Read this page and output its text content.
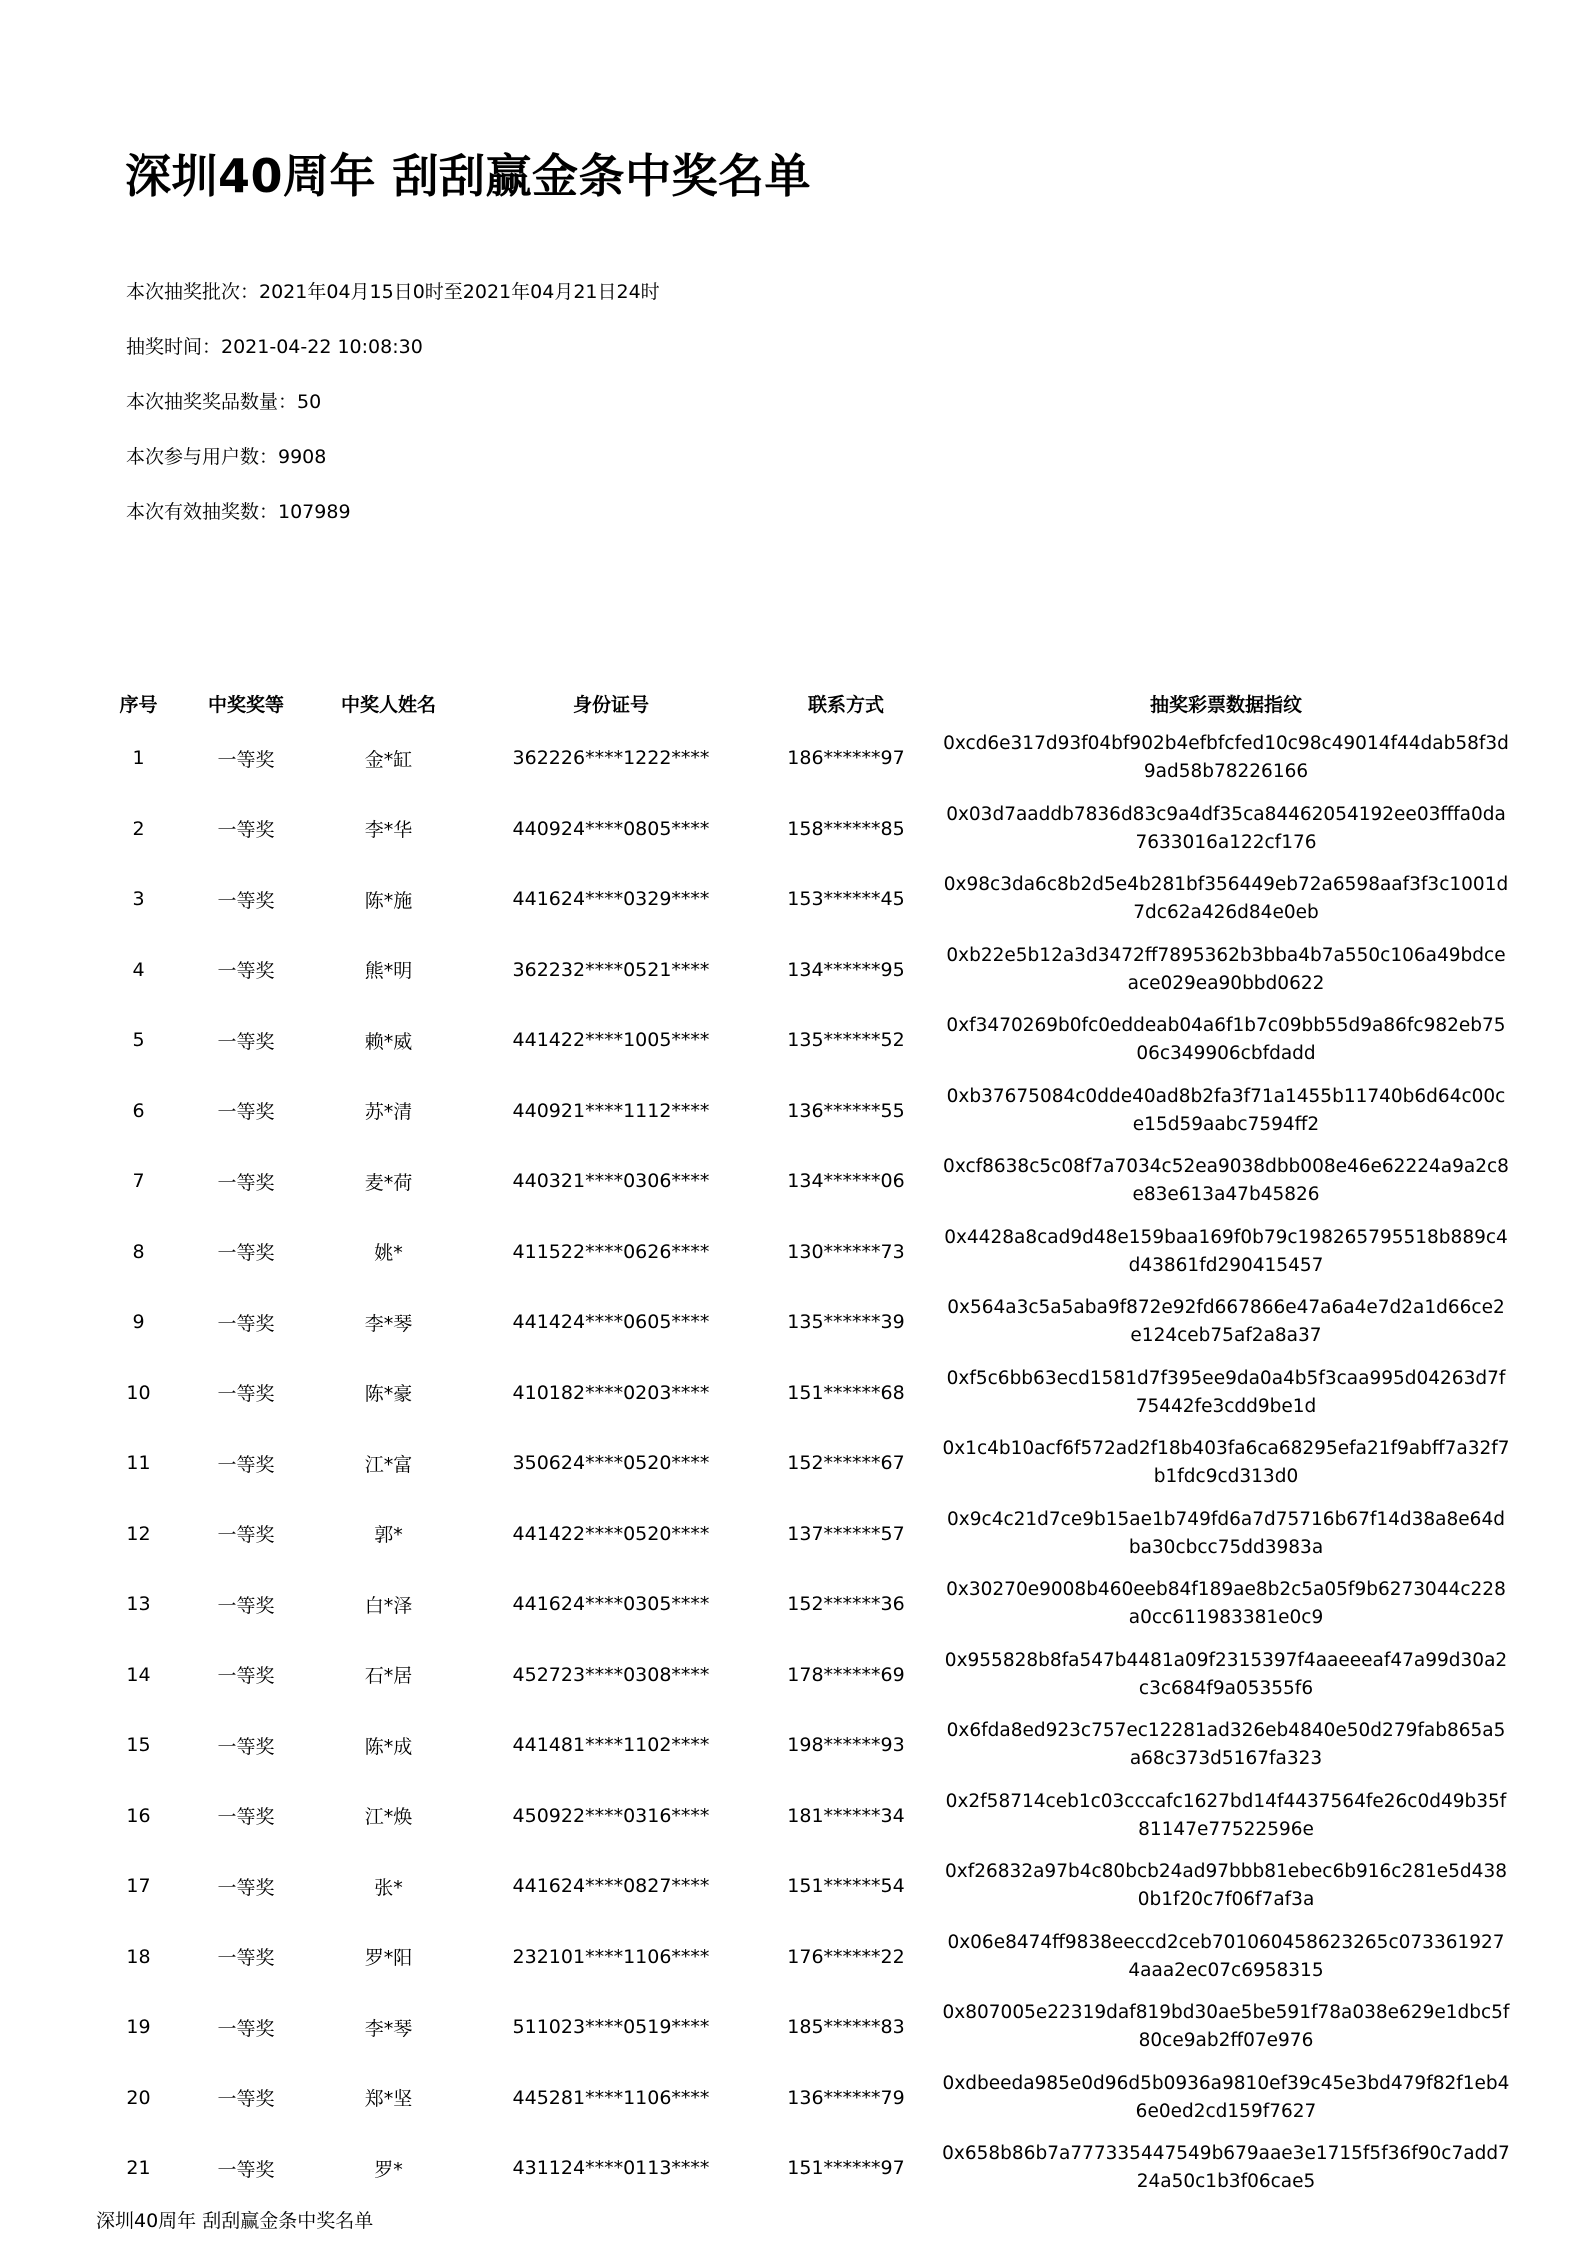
深圳40周年 刮刮赢金条中奖名单
本次抽奖批次：2021年04月15日0时至2021年04月21日24时
抽奖时间：2021-04-22 10:08:30
本次抽奖奖品数量：50
本次参与用户数：9908
本次有效抽奖数：107989
序号	中奖奖等	中奖人姓名	身份证号	联系方式	抽奖彩票数据指纹
1	一等奖	金*缸	362226****1222****	186******97	0xcd6e317d93f04bf902b4efbfcfed10c98c49014f44dab58f3d9ad58b78226166
2	一等奖	李*华	440924****0805****	158******85	0x03d7aaddb7836d83c9a4df35ca84462054192ee03fffa0da7633016a122cf176
3	一等奖	陈*施	441624****0329****	153******45	0x98c3da6c8b2d5e4b281bf356449eb72a6598aaf3f3c1001d7dc62a426d84e0eb
4	一等奖	熊*明	362232****0521****	134******95	0xb22e5b12a3d3472ff7895362b3bba4b7a550c106a49bdceace029ea90bbd0622
5	一等奖	赖*威	441422****1005****	135******52	0xf3470269b0fc0eddeab04a6f1b7c09bb55d9a86fc982eb7506c349906cbfdadd
6	一等奖	苏*清	440921****1112****	136******55	0xb37675084c0dde40ad8b2fa3f71a1455b11740b6d64c00ce15d59aabc7594ff2
7	一等奖	麦*荷	440321****0306****	134******06	0xcf8638c5c08f7a7034c52ea9038dbb008e46e62224a9a2c8e83e613a47b45826
8	一等奖	姚*	411522****0626****	130******73	0x4428a8cad9d48e159baa169f0b79c198265795518b889c4d43861fd290415457
9	一等奖	李*琴	441424****0605****	135******39	0x564a3c5a5aba9f872e92fd667866e47a6a4e7d2a1d66ce2e124ceb75af2a8a37
10	一等奖	陈*豪	410182****0203****	151******68	0xf5c6bb63ecd1581d7f395ee9da0a4b5f3caa995d04263d7f75442fe3cdd9be1d
11	一等奖	江*富	350624****0520****	152******67	0x1c4b10acf6f572ad2f18b403fa6ca68295efa21f9abff7a32f7b1fdc9cd313d0
12	一等奖	郭*	441422****0520****	137******57	0x9c4c21d7ce9b15ae1b749fd6a7d75716b67f14d38a8e64dba30cbcc75dd3983a
13	一等奖	白*泽	441624****0305****	152******36	0x30270e9008b460eeb84f189ae8b2c5a05f9b6273044c228a0cc611983381e0c9
14	一等奖	石*居	452723****0308****	178******69	0x955828b8fa547b4481a09f2315397f4aaeeeaf47a99d30a2c3c684f9a05355f6
15	一等奖	陈*成	441481****1102****	198******93	0x6fda8ed923c757ec12281ad326eb4840e50d279fab865a5a68c373d5167fa323
16	一等奖	江*焕	450922****0316****	181******34	0x2f58714ceb1c03cccafc1627bd14f4437564fe26c0d49b35f81147e77522596e
17	一等奖	张*	441624****0827****	151******54	0xf26832a97b4c80bcb24ad97bbb81ebec6b916c281e5d4380b1f20c7f06f7af3a
18	一等奖	罗*阳	232101****1106****	176******22	0x06e8474ff9838eeccd2ceb701060458623265c0733619274aaa2ec07c6958315
19	一等奖	李*琴	511023****0519****	185******83	0x807005e22319daf819bd30ae5be591f78a038e629e1dbc5f80ce9ab2ff07e976
20	一等奖	郑*坚	445281****1106****	136******79	0xdbeeda985e0d96d5b0936a9810ef39c45e3bd479f82f1eb46e0ed2cd159f7627
21	一等奖	罗*	431124****0113****	151******97	0x658b86b7a777335447549b679aae3e1715f5f36f90c7add724a50c1b3f06cae5
深圳40周年 刮刮赢金条中奖名单
